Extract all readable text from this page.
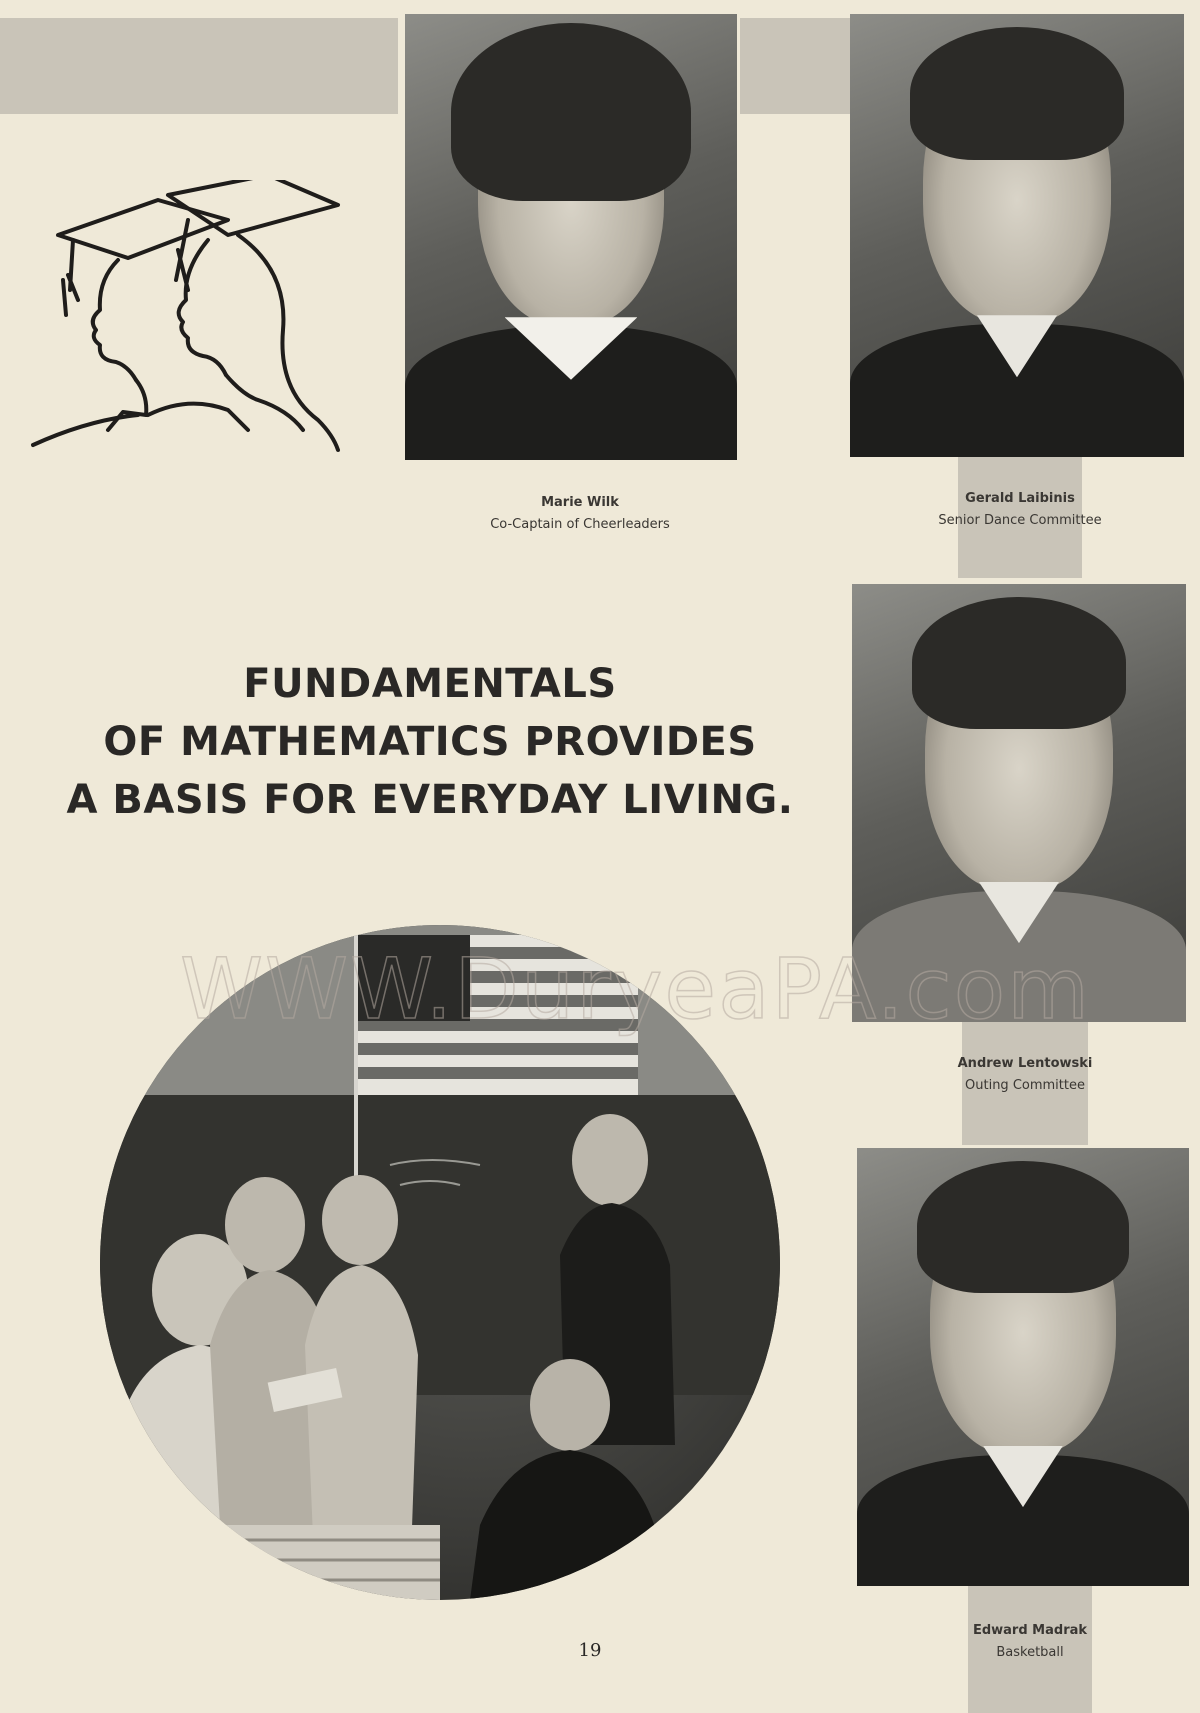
Marie Wilk
Co-Captain of Cheerleaders
Gerald Laibinis
Senior Dance Committee
Andrew Lentowski
Outing Committee
Edward Madrak
Basketball
FUNDAMENTALS
OF MATHEMATICS PROVIDES
A BASIS FOR EVERYDAY LIVING.
WWW.DuryeaPA.com
19
